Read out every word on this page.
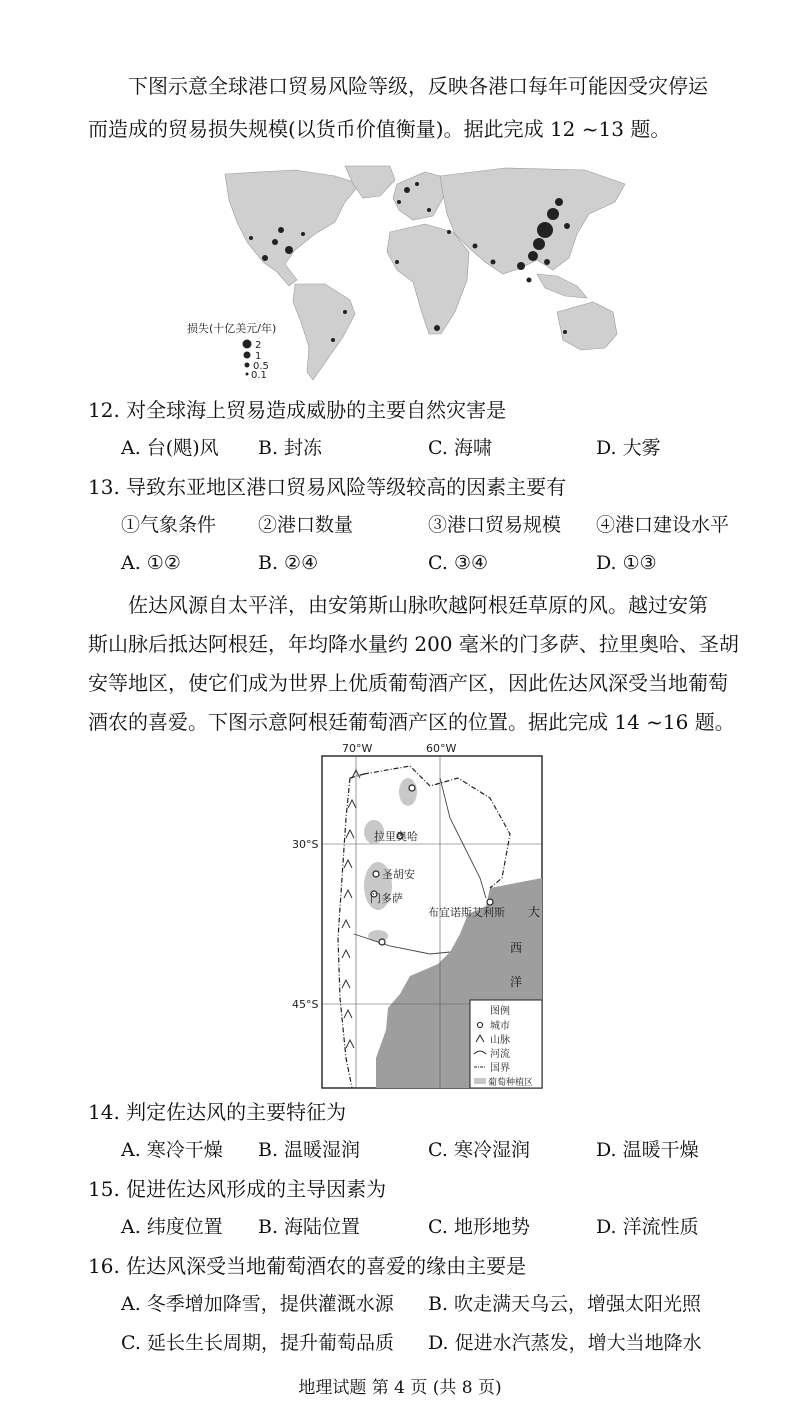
下图示意全球港口贸易风险等级，反映各港口每年可能因受灾停运
而造成的贸易损失规模(以货币价值衡量)。据此完成 12 ~13 题。
损失(十亿美元/年)
2
1
0.5
0.1
12. 对全球海上贸易造成威胁的主要自然灾害是
A. 台(飓)风 B. 封冻	C. 海啸	D. 大雾
13. 导致东亚地区港口贸易风险等级较高的因素主要有
①气象条件 ②港口数量	③港口贸易规模 ④港口建设水平
A. ①②	B. ②④	C. ③④	D. ①③
佐达风源自太平洋，由安第斯山脉吹越阿根廷草原的风。越过安第
斯山脉后抵达阿根廷，年均降水量约 200 毫米的门多萨、拉里奥哈、圣胡
安等地区，使它们成为世界上优质葡萄酒产区，因此佐达风深受当地葡萄
酒农的喜爱。下图示意阿根廷葡萄酒产区的位置。据此完成 14 ~16 题。
70°W	60°W
30°S
45°S
拉里奥哈
圣胡安
门多萨
布宜诺斯艾利斯 大
西
洋
图例
城市
山脉
河流
国界
葡萄种植区
14. 判定佐达风的主要特征为
A. 寒冷干燥 B. 温暖湿润	C. 寒冷湿润	D. 温暖干燥
15. 促进佐达风形成的主导因素为
A. 纬度位置 B. 海陆位置	C. 地形地势	D. 洋流性质
16. 佐达风深受当地葡萄酒农的喜爱的缘由主要是
A. 冬季增加降雪，提供灌溉水源 B. 吹走满天乌云，增强太阳光照
C. 延长生长周期，提升葡萄品质 D. 促进水汽蒸发，增大当地降水
地理试题 第 4 页 (共 8 页)
